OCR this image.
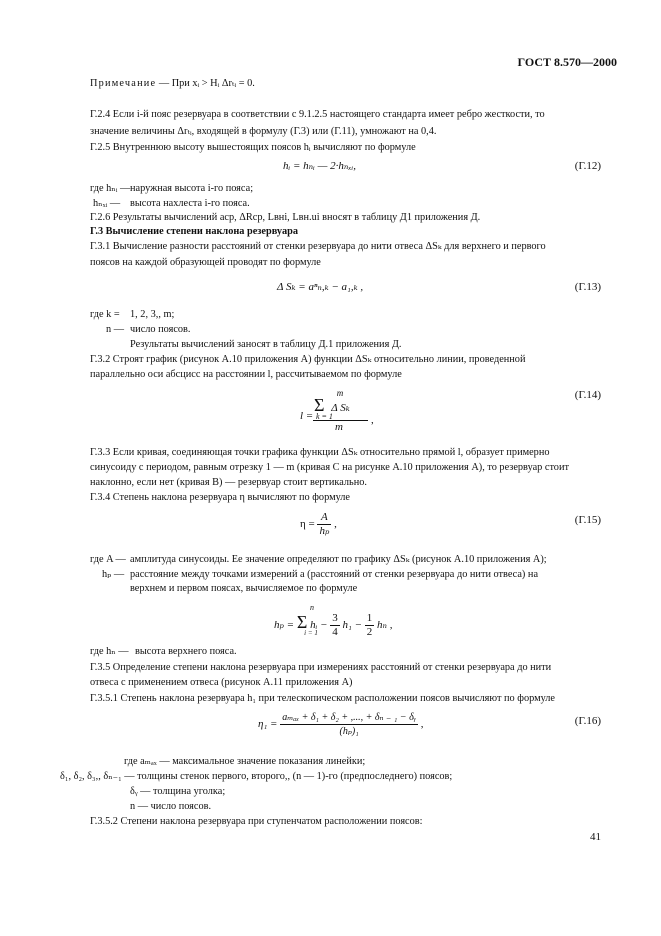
ГОСТ 8.570—2000
Примечание — При xᵢ > Hᵢ Δrₜᵢ = 0.
Г.2.4 Если i-й пояс резервуара в соответствии с 9.1.2.5 настоящего стандарта имеет ребро жесткости, то
значение величины Δrₜᵢ, входящей в формулу (Г.3) или (Г.11), умножают на 0,4.
Г.2.5 Внутреннюю высоту вышестоящих поясов hᵢ вычисляют по формуле
hᵢ = hₙᵢ — 2·hₙₓᵢ,	(Г.12)
где hₙᵢ — наружная высота i-го пояса;
hₙₓᵢ — высота нахлеста i-го пояса.
Г.2.6 Результаты вычислений aср, ΔRср, Lвнi, Lвн.ui вносят в таблицу Д1 приложения Д.
Г.3 Вычисление степени наклона резервуара
Г.3.1 Вычисление разности расстояний от стенки резервуара до нити отвеса ΔSₖ для верхнего и первого
поясов на каждой образующей проводят по формуле
Δ Sₖ = aⁿₙ,ₖ − a₁,ₖ ,	(Г.13)
где k = 1, 2, 3,, m;
n — число поясов.
Результаты вычислений заносят в таблицу Д.1 приложения Д.
Г.3.2 Строят график (рисунок А.10 приложения А) функции ΔSₖ относительно линии, проведенной
параллельно оси абсцисс на расстоянии l, рассчитываемом по формуле
m
Σ Δ Sₖ
l = k = 1
m
,
(Г.14)
Г.3.3 Если кривая, соединяющая точки графика функции ΔSₖ относительно прямой l, образует примерно
синусоиду с периодом, равным отрезку 1 — m (кривая C на рисунке А.10 приложения А), то резервуар стоит
наклонно, если нет (кривая B) — резервуар стоит вертикально.
Г.3.4 Степень наклона резервуара η вычисляют по формуле
$\eta = \frac{A}{\text{hₚ}}$ ,	(Г.15)
где A — амплитуда синусоиды. Ее значение определяют по графику ΔSₖ (рисунок А.10 приложения А);
hₚ — расстояние между точками измерений a (расстояний от стенки резервуара до нити отвеса) на
верхнем и первом поясах, вычисляемое по формуле
n
hₚ = Σ hᵢ − $\frac{3}{4} h_1 - \frac{1}{2}$ hₙ ,
i = 1
где hₙ — высота верхнего пояса.
Г.3.5 Определение степени наклона резервуара при измерениях расстояний от стенки резервуара до нити
отвеса с применением отвеса (рисунок А.11 приложения А)
Г.3.5.1 Степень наклона резервуара h₁ при телескопическом расположении поясов вычисляют по формуле
$\eta_1 = \frac{\text{aₘₐₓ + δ₁ + δ₂ + ,..., + δₙ ₋ ₁ − δᵧ}}{\text{(hₚ)₁}}$ ,	(Г.16)
где aₘₐₓ — максимальное значение показания линейки;
δ₁, δ₂, δ₃,, δₙ₋₁ — толщины стенок первого, второго,, (n — 1)-го (предпоследнего) поясов;
δᵧ — толщина уголка;
n — число поясов.
Г.3.5.2 Степени наклона резервуара при ступенчатом расположении поясов:
41
